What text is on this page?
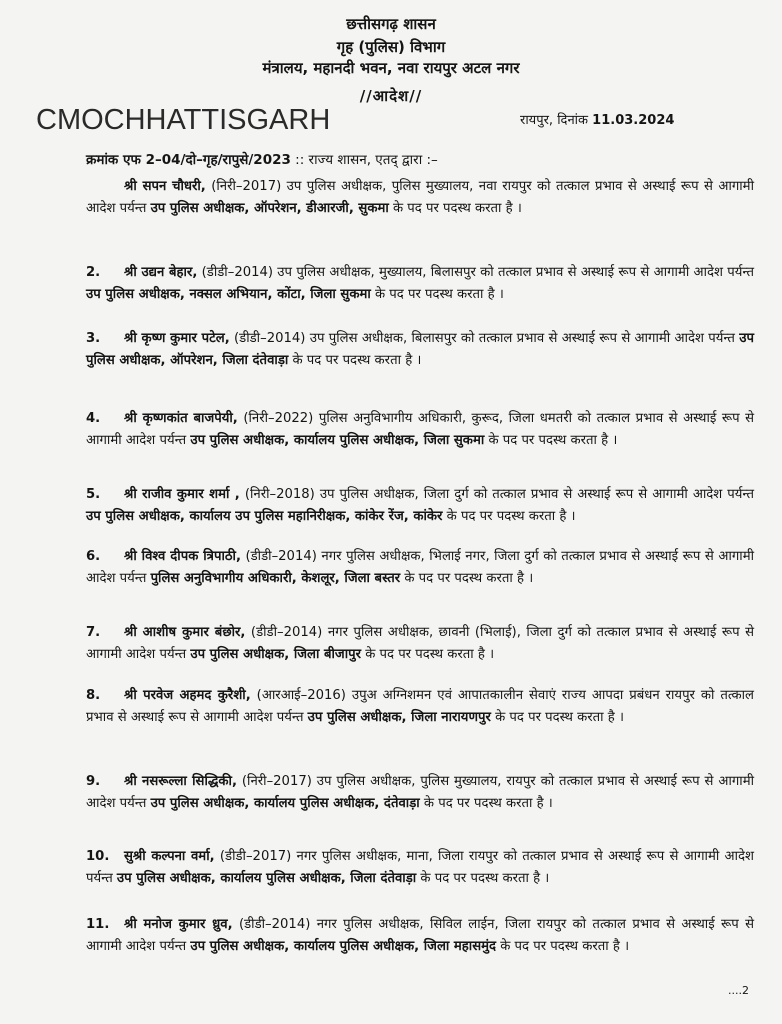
छत्तीसगढ़ शासन
गृह (पुलिस) विभाग
मंत्रालय, महानदी भवन, नवा रायपुर अटल नगर
//आदेश//
CMOCHHATTISGARH	रायपुर, दिनांक 11.03.2024
क्रमांक एफ 2–04/दो–गृह/रापुसे/2023 :: राज्य शासन, एतद् द्वारा :–
श्री सपन चौधरी, (निरी–2017) उप पुलिस अधीक्षक, पुलिस मुख्यालय, नवा रायपुर को तत्काल प्रभाव से अस्थाई रूप से आगामी आदेश पर्यन्त उप पुलिस अधीक्षक, ऑपरेशन, डीआरजी, सुकमा के पद पर पदस्थ करता है ।
2. श्री उद्यन बेहार, (डीडी–2014) उप पुलिस अधीक्षक, मुख्यालय, बिलासपुर को तत्काल प्रभाव से अस्थाई रूप से आगामी आदेश पर्यन्त उप पुलिस अधीक्षक, नक्सल अभियान, कोंटा, जिला सुकमा के पद पर पदस्थ करता है ।
3. श्री कृष्ण कुमार पटेल, (डीडी–2014) उप पुलिस अधीक्षक, बिलासपुर को तत्काल प्रभाव से अस्थाई रूप से आगामी आदेश पर्यन्त उप पुलिस अधीक्षक, ऑपरेशन, जिला दंतेवाड़ा के पद पर पदस्थ करता है ।
4. श्री कृष्णकांत बाजपेयी, (निरी–2022) पुलिस अनुविभागीय अधिकारी, कुरूद, जिला धमतरी को तत्काल प्रभाव से अस्थाई रूप से आगामी आदेश पर्यन्त उप पुलिस अधीक्षक, कार्यालय पुलिस अधीक्षक, जिला सुकमा के पद पर पदस्थ करता है ।
5. श्री राजीव कुमार शर्मा , (निरी–2018) उप पुलिस अधीक्षक, जिला दुर्ग को तत्काल प्रभाव से अस्थाई रूप से आगामी आदेश पर्यन्त उप पुलिस अधीक्षक, कार्यालय उप पुलिस महानिरीक्षक, कांकेर रेंज, कांकेर के पद पर पदस्थ करता है ।
6. श्री विश्व दीपक त्रिपाठी, (डीडी–2014) नगर पुलिस अधीक्षक, भिलाई नगर, जिला दुर्ग को तत्काल प्रभाव से अस्थाई रूप से आगामी आदेश पर्यन्त पुलिस अनुविभागीय अधिकारी, केशलूर, जिला बस्तर के पद पर पदस्थ करता है ।
7. श्री आशीष कुमार बंछोर, (डीडी–2014) नगर पुलिस अधीक्षक, छावनी (भिलाई), जिला दुर्ग को तत्काल प्रभाव से अस्थाई रूप से आगामी आदेश पर्यन्त उप पुलिस अधीक्षक, जिला बीजापुर के पद पर पदस्थ करता है ।
8. श्री परवेज अहमद कुरैशी, (आरआई–2016) उपुअ अग्निशमन एवं आपातकालीन सेवाएं राज्य आपदा प्रबंधन रायपुर को तत्काल प्रभाव से अस्थाई रूप से आगामी आदेश पर्यन्त उप पुलिस अधीक्षक, जिला नारायणपुर के पद पर पदस्थ करता है ।
9. श्री नसरूल्ला सिद्धिकी, (निरी–2017) उप पुलिस अधीक्षक, पुलिस मुख्यालय, रायपुर को तत्काल प्रभाव से अस्थाई रूप से आगामी आदेश पर्यन्त उप पुलिस अधीक्षक, कार्यालय पुलिस अधीक्षक, दंतेवाड़ा के पद पर पदस्थ करता है ।
10. सुश्री कल्पना वर्मा, (डीडी–2017) नगर पुलिस अधीक्षक, माना, जिला रायपुर को तत्काल प्रभाव से अस्थाई रूप से आगामी आदेश पर्यन्त उप पुलिस अधीक्षक, कार्यालय पुलिस अधीक्षक, जिला दंतेवाड़ा के पद पर पदस्थ करता है ।
11. श्री मनोज कुमार ध्रुव, (डीडी–2014) नगर पुलिस अधीक्षक, सिविल लाईन, जिला रायपुर को तत्काल प्रभाव से अस्थाई रूप से आगामी आदेश पर्यन्त उप पुलिस अधीक्षक, कार्यालय पुलिस अधीक्षक, जिला महासमुंद के पद पर पदस्थ करता है ।
....2
